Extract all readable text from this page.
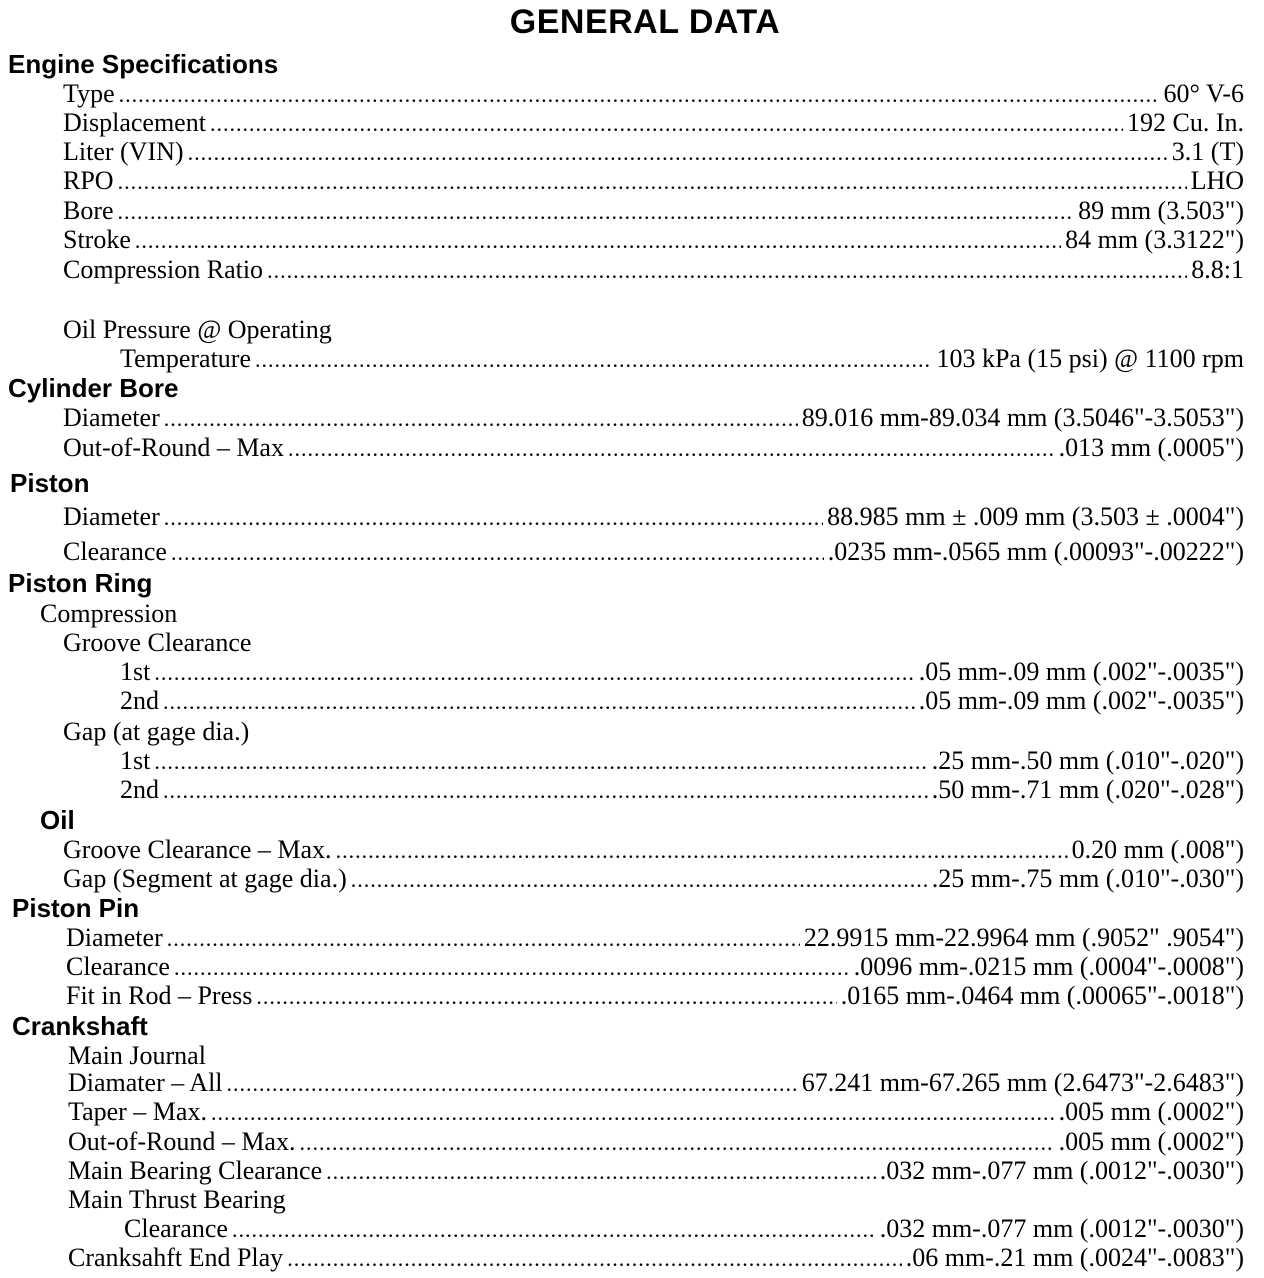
GENERAL DATA
Engine Specifications
Type .....	60° V-6
Displacement .....	192 Cu. In.
Liter (VIN) .....	3.1 (T)
RPO .....	LHO
Bore .....	89 mm (3.503")
Stroke .....	84 mm (3.3122")
Compression Ratio .....	8.8:1
Oil Pressure @ Operating
Temperature .....	103 kPa (15 psi) @ 1100 rpm
Cylinder Bore
Diameter .....	89.016 mm-89.034 mm (3.5046"-3.5053")
Out-of-Round – Max .....	.013 mm (.0005")
Piston
Diameter .....	88.985 mm ± .009 mm (3.503 ± .0004")
Clearance .....	.0235 mm-.0565 mm (.00093"-.00222")
Piston Ring
Compression
Groove Clearance
1st .....	.05 mm-.09 mm (.002"-.0035")
2nd .....	.05 mm-.09 mm (.002"-.0035")
Gap (at gage dia.)
1st .....	.25 mm-.50 mm (.010"-.020")
2nd .....	.50 mm-.71 mm (.020"-.028")
Oil
Groove Clearance – Max. .....	0.20 mm (.008")
Gap (Segment at gage dia.) .....	.25 mm-.75 mm (.010"-.030")
Piston Pin
Diameter .....	22.9915 mm-22.9964 mm (.9052" .9054")
Clearance .....	.0096 mm-.0215 mm (.0004"-.0008")
Fit in Rod – Press .....	.0165 mm-.0464 mm (.00065"-.0018")
Crankshaft
Main Journal
Diamater – All .....	67.241 mm-67.265 mm (2.6473"-2.6483")
Taper – Max. .....	.005 mm (.0002")
Out-of-Round – Max. .....	.005 mm (.0002")
Main Bearing Clearance .....	.032 mm-.077 mm (.0012"-.0030")
Main Thrust Bearing
Clearance .....	.032 mm-.077 mm (.0012"-.0030")
Cranksahft End Play .....	.06 mm-.21 mm (.0024"-.0083")
